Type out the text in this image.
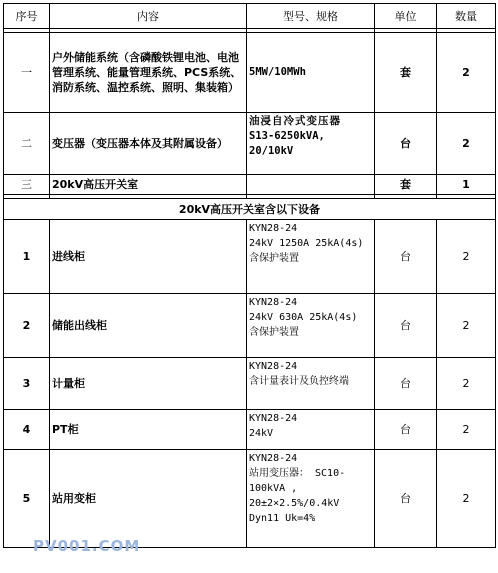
序号	内容	型号、规格	单位	数量

一	户外储能系统（含磷酸铁锂电池、电池管理系统、能量管理系统、PCS系统、消防系统、温控系统、照明、集装箱）	5MW/10MWh	套	2
二	变压器（变压器本体及其附属设备）	油浸自冷式变压器
S13-6250kVA,
20/10kV	台	2
三	20kV高压开关室		套	1

20kV高压开关室含以下设备				
1	进线柜	KYN28-24
24kV 1250A 25kA(4s)
含保护装置	台	2
2	储能出线柜	KYN28-24
24kV 630A 25kA(4s)
含保护装置	台	2
3	计量柜	KYN28-24
含计量表计及负控终端	台	2
4	PT柜	KYN28-24
24kV	台	2
5	站用变柜	KYN28-24
站用变压器： SC10-
100kVA ,
20±2×2.5%/0.4kV
Dyn11 Uk=4%	台	2
PV001.COM
